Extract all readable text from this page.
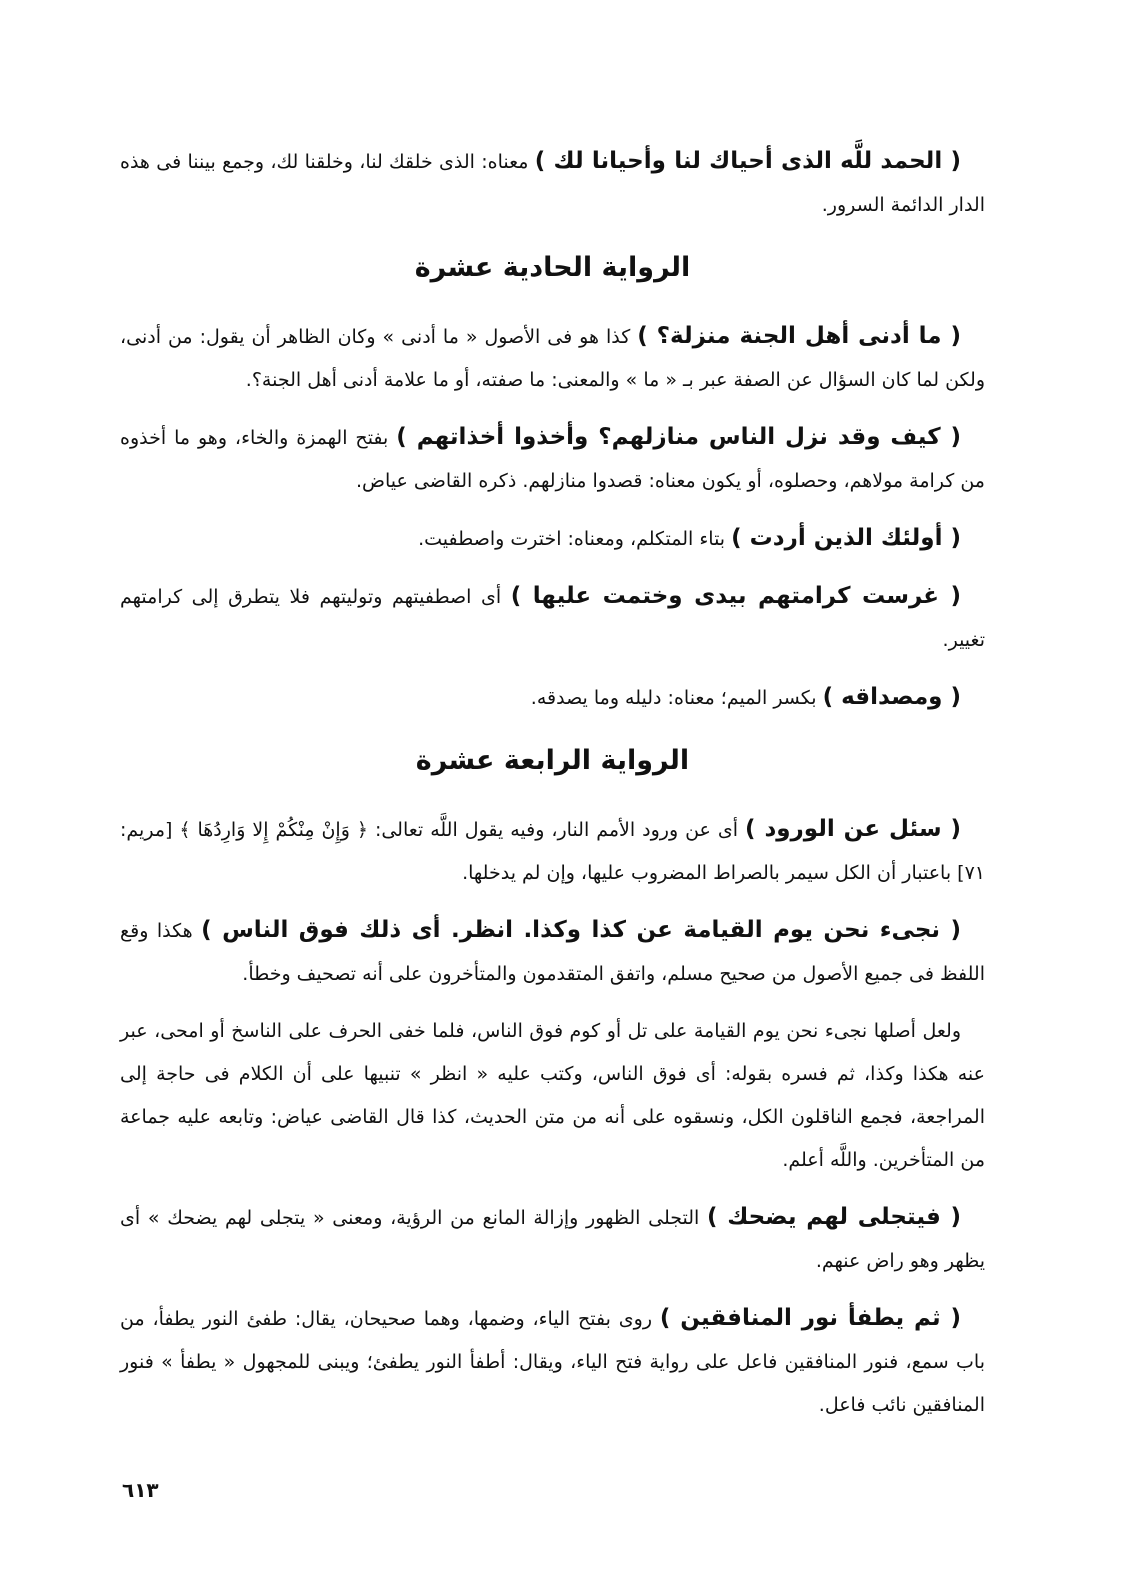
( الحمد للَّه الذى أحياك لنا وأحيانا لك ) معناه: الذى خلقك لنا، وخلقنا لك، وجمع بيننا فى هذه الدار الدائمة السرور.

الرواية الحادية عشرة

( ما أدنى أهل الجنة منزلة؟ ) كذا هو فى الأصول « ما أدنى » وكان الظاهر أن يقول: من أدنى، ولكن لما كان السؤال عن الصفة عبر بـ « ما » والمعنى: ما صفته، أو ما علامة أدنى أهل الجنة؟.

( كيف وقد نزل الناس منازلهم؟ وأخذوا أخذاتهم ) بفتح الهمزة والخاء، وهو ما أخذوه من كرامة مولاهم، وحصلوه، أو يكون معناه: قصدوا منازلهم. ذكره القاضى عياض.

( أولئك الذين أردت ) بتاء المتكلم، ومعناه: اخترت واصطفيت.

( غرست كرامتهم بيدى وختمت عليها ) أى اصطفيتهم وتوليتهم فلا يتطرق إلى كرامتهم تغيير.

( ومصداقه ) بكسر الميم؛ معناه: دليله وما يصدقه.

الرواية الرابعة عشرة

( سئل عن الورود ) أى عن ورود الأمم النار، وفيه يقول اللَّه تعالى: ﴿ وَإِنْ مِنْكُمْ إِلا وَارِدُهَا ﴾ [مريم: ٧١] باعتبار أن الكل سيمر بالصراط المضروب عليها، وإن لم يدخلها.

( نجىء نحن يوم القيامة عن كذا وكذا. انظر. أى ذلك فوق الناس ) هكذا وقع اللفظ فى جميع الأصول من صحيح مسلم، واتفق المتقدمون والمتأخرون على أنه تصحيف وخطأ.

ولعل أصلها نجىء نحن يوم القيامة على تل أو كوم فوق الناس، فلما خفى الحرف على الناسخ أو امحى، عبر عنه هكذا وكذا، ثم فسره بقوله: أى فوق الناس، وكتب عليه « انظر » تنبيها على أن الكلام فى حاجة إلى المراجعة، فجمع الناقلون الكل، ونسقوه على أنه من متن الحديث، كذا قال القاضى عياض: وتابعه عليه جماعة من المتأخرين. واللَّه أعلم.

( فيتجلى لهم يضحك ) التجلى الظهور وإزالة المانع من الرؤية، ومعنى « يتجلى لهم يضحك » أى يظهر وهو راض عنهم.

( ثم يطفأ نور المنافقين ) روى بفتح الياء، وضمها، وهما صحيحان، يقال: طفئ النور يطفأ، من باب سمع، فنور المنافقين فاعل على رواية فتح الياء، ويقال: أطفأ النور يطفئ؛ ويبنى للمجهول « يطفأ » فنور المنافقين نائب فاعل.

٦١٣
